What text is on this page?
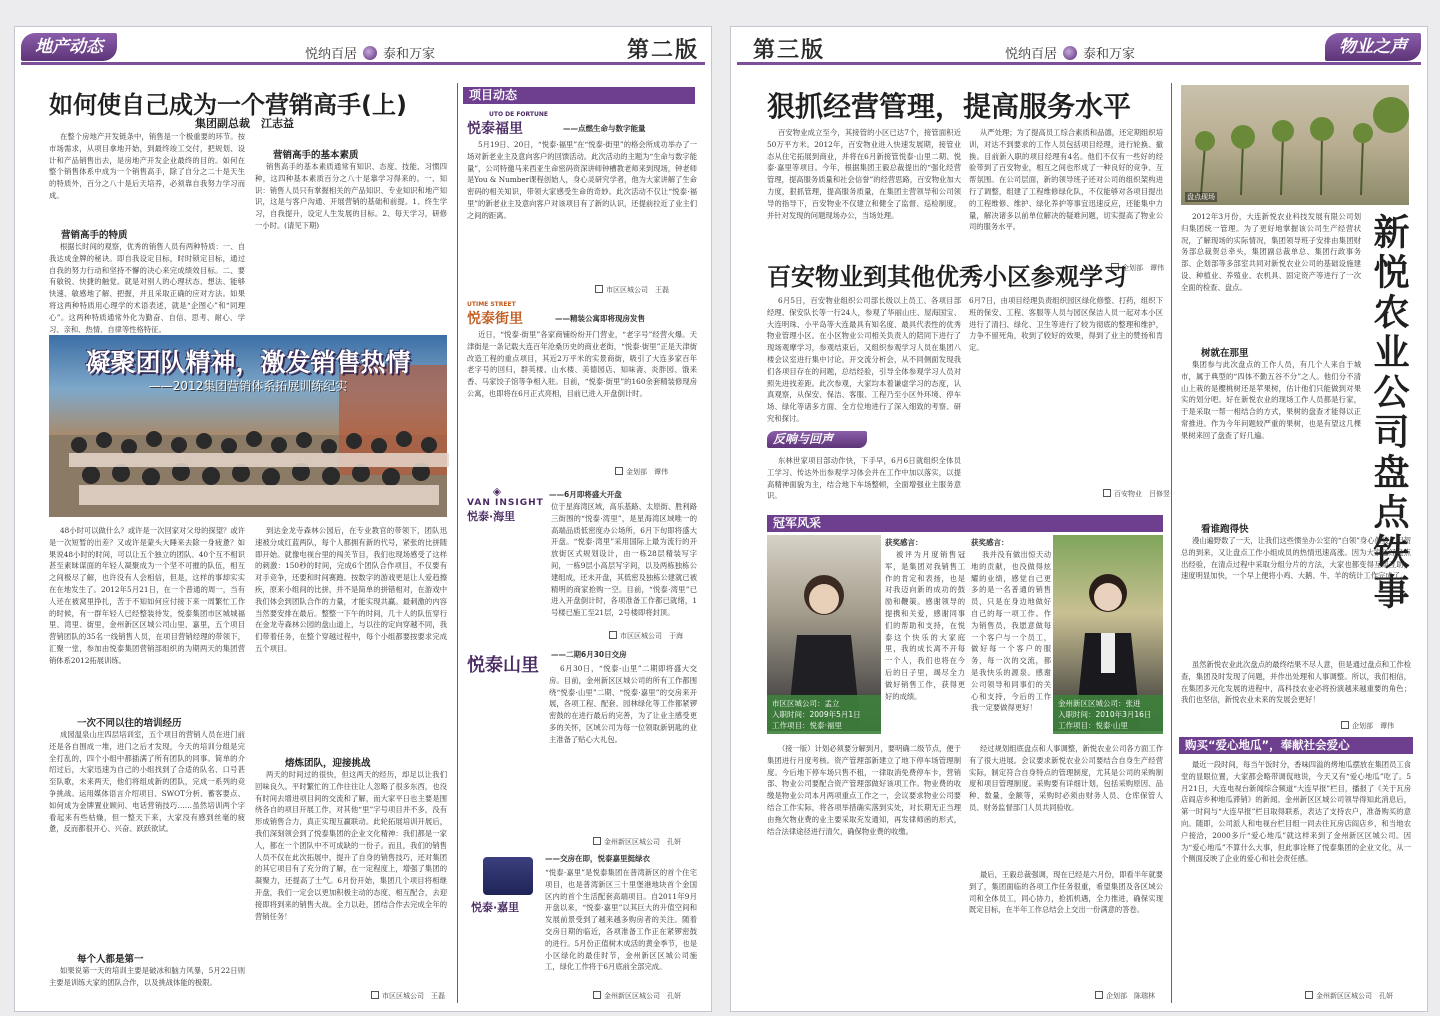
地产动态	悦纳百居 泰和万家	第二版
如何使自己成为一个营销高手(上)
集团副总裁　江志益
在整个房地产开发链条中，销售是一个极重要的环节。按市场需求，从项目拿地开始，到最终竣工交付，把规划、设计和产品销售出去，是房地产开发企业最终的目的。如何在整个销售体系中成为一个销售高手，除了自分之二十是天生的特质外，百分之八十是后天培养，必须靠自我努力学习而成。
营销高手的特质
根据长时间的观察，优秀的销售人员有两种特质：一、自我达成金牌的秘诀。即自我设定目标，时时锁定目标，通过自我的努力行动和坚持不懈的决心来完成绩效目标。二、要有敏锐、快捷的触觉。就是对别人的心理状态、想法、能够快速、敏感地了解、把握，并且采取正确的应对方法。如果将这两种特质用心理学的术语表述，就是“企图心”和“同理心”。这两种特质通常外化为勤奋、自信、思考、耐心、学习、亲和、热情、自律等性格特征。
营销高手的基本素质
销售高手的基本素质通常有知识、态度、技能、习惯四种，这四种基本素质百分之八十是靠学习得来的。一、知识：销售人员只有掌握相关的产品知识、专业知识和地产知识，这是与客户沟通、开展营销的基础和前提。1、终生学习，自我提升，设定人生发展的目标。2、每天学习，研修一小时。(请见下期)
凝聚团队精神，激发销售热情
——2012集团营销体系拓展训练纪实
48小时可以做什么？或许是一次回家对父母的探望？或许是一次短暂的出差？又或许是蒙头大睡来去除一身疲惫？如果说48小时的时间，可以让五个独立的团队、40个互不相识甚至素昧谋面的年轻人凝聚成为一个坚不可摧的队伍，相互之间极尽了解，也许没有人会相信，但是，这样的事却实实在在地发生了。2012年5月21日，在一个普通的周一，当有人还在被窝里挣扎，苦于不知如何应付接下来一周繁忙工作的时候，有一群年轻人已经整装待发，悦泰集团市区城城福里、湾里、街里，金州新区区城公司山里、嘉里，五个项目营销团队的35名一线销售人员，在项目营销经理的带领下，汇聚一堂，参加由悦泰集团营销部组织的为期两天的集团营销体系2012拓展训练。
一次不同以往的培训经历
成园温泉山庄四层培训室，五个项目的营销人员在进门前还是各自围成一堆，进门之后才发现，今天的培训分组是完全打乱的，四个小组中都插满了所有团队的同事。简单的介绍过后，大家迅速为自己的小组找到了合适的队名、口号甚至队歌，未来两天，他们将组成新的团队，完成一系列的竞争挑战。运用媒体语言介绍项目、SWOT分析、蓄客要点、如何成为金牌置业顾问、电话营销技巧……虽然培训两个字看起来有些枯燥，但一整天下来，大家没有感到丝毫的疲惫，反而都很开心、兴奋、跃跃欲试。
每个人都是第一
如果说第一天的培训主要是破冰和脑力风暴，5月22日则主要是训练大家的团队合作，以及挑战体能的极限。
到达金龙寺森林公园后，在专业教官的带领下，团队迅速被分成红蓝两队，每个人都拥有新的代号，紧张的比拼随即开始。就像电视台里的闯关节目，我们也现场感受了这样的刺激：150秒的时间，完成6个团队合作项目，不仅要有对手竞争，还要和时间赛跑。按数字的游戏更是让人爱趋擦疾，原来小组间的比拼，并不是简单的拼错相对，在游戏中我们体会到团队合作的力量，才能实现共赢。最刺激的内容当然要安排在最后。整整一下午的时间，几十人的队伍穿行在金龙寺森林公园的盘山道上，与以往的定向穿越不同，我们带着任务，在整个穿越过程中，每个小组都要按要求完成五个项目。
熔炼团队，迎接挑战
两天的时间过的很快，但这两天的经历，却足以让我们回味良久。平时繁忙的工作往往让人忽略了很多东西，也没有时间去增进项目间的交流和了解，而大家平日也主要是围绕各自的项目开展工作，对其他“里”字号项目并不多，没有形成销售合力，真正实现互赢联动。此轮拓展培训开展后，我们深刻领会到了悦泰集团的企业文化精神：我们都是一家人，都在一个团队中不可成缺的一份子。而且，我们的销售人员不仅在此次拓展中，提升了自身的销售技巧，还对集团的其它项目有了充分的了解，在一定程度上，增强了集团的凝聚力，还提高了士气。6月份开始，集团几个项目将相继开盘，我们一定会以更加积极主动的态度、相互配合，去迎接即将到来的销售大战。全力以赴，团结合作去完成全年的营销任务！
市区区城公司　王磊
项目动态
UTO DE FORTUNE
悦泰福里	——点燃生命与数字能量
5月19日、20日，“悦泰·福里”在“悦泰·街里”的格会所成功举办了一场对新老业主及意向客户的回馈活动。此次活动的主题为“生命与数字能量”，公司特邀马来西亚生命密码资深讲师钟槽教老师来到现场，钟老师是You & Number课程创始人，身心灵研究学者，他为大家讲解了生命密码的相关知识，带领大家感受生命的奇妙。此次活动不仅让“悦泰·福里”的新老业主及意向客户对该项目有了新的认识，还提前拉近了业主们之间的距离。
市区区城公司　王磊
UTIME STREET
悦泰街里	——精装公寓即将现房发售
近日，“悦泰·街里”各家商铺纷纷开门营业，“老字号”经营火爆。天津街是一条记载大连百年沧桑历史的商业老街，“悦泰·街里”正是天津街改造工程的重点项目，其近2万平米的实景商街，吸引了大连多家百年老字号的回归，群英楼、山水楼、美德园店、知味斋、炎胖园、饿来香、马家饺子馆等争相入驻。目前，“悦泰·街里”的160余套精装修现房公寓，也即将在6月正式亮相，目前已进入开盘倒计时。
金划部　谭伟
◈
VAN INSIGHT
悦泰·海里
——6月即将盛大开盘
位于星海湾区域，高乐基路、太原街、胜利路三街围的“悦泰·湾里”，是星海湾区域唯一的高端品质低密度办公场所，6月下旬即将盛大开盘。“悦泰·湾里”采用国际上最为流行的开放街区式规划设计，由一栋28层精装写字间，一栋9层小高层写字间，以及两栋独栋公建组成，还未开盘，其低密及独栋公建就已被精明的商家抢购一空。目前，“悦泰·湾里”已进入开盘倒计时，各项准备工作都已就绪，1号楼已施工至21层，2号楼即将封顶。
市区区城公司　于海
悦泰山里
——二期6月30日交房
6月30日，“悦泰·山里”二期即将盛大交房。目前，金州新区区城公司的所有工作都围绕“悦泰·山里”二期、“悦泰·嘉里”的交房来开展，各项工程、配套、园林绿化等工作都紧锣密鼓的在进行最后的完善，为了让业主感受更多的关怀，区域公司为每一位领取新钥匙的业主准备了贴心大礼包。
金州新区区城公司　孔妍
悦泰·嘉里
——交房在即，悦泰嘉里挺绿衣
“悦泰·嘉里”是悦泰集团在普湾新区的首个住宅项目，也是普湾新区三十里堡港地块首个金国区内的首个生活配套高端项目。自2011年9月开盘以来，“悦泰·嘉里”以其巨大的升值空间和发展前景受到了越来越多购房者的关注。随着交房日期的临近，各项准备工作正在紧锣密鼓的进行。5月份正值树木成活的黄金季节，也是小区绿化的最佳时节，金州新区区城公司施工，绿化工作将于6月底前全部完成。
金州新区区城公司　孔妍
第三版	悦纳百居 泰和万家	物业之声
狠抓经营管理，提高服务水平
百安物业成立至今，其接管的小区已达7个，接管面积近50万平方米。2012年，百安物业进入快速发展期，接管业态从住宅拓展到商业，并将在6月新接管悦泰·山里二期、悦泰·嘉里等项目。今年，根据集团王毅总裁提出的“强化经营管理，提高服务质量和社会信誉”的经营思路，百安物业加大力度，狠抓管理，提高服务质量，在集团主营领导和公司领导的指导下，百安物业不仅建立和健全了监督、巡检制度，并针对发现的问题现场办公，当场处理。
从严处理；为了提高员工综合素质和品德，还定期组织培训，对达不到要求的工作人员包括项目经理，进行轮换、撤换。目前新入职的项目经理有4名。他们不仅有一些好的经验带到了百安物业，相互之间也形成了一种良好的竞争、互帮氛围。在公司层面，新的领导班子还对公司的组织架构进行了调整，组建了工程维修绿化队，不仅能够对各项目提出的工程维修、维护、绿化养护等事宜迅速反应，还能集中力量，解决诸多以前单位解决的疑难问题，切实提高了物业公司的服务水平。
企划部　谭伟
百安物业到其他优秀小区参观学习
6月5日，百安物业组织公司部长级以上员工、各项目部经理、保安队长等一行24人，参观了华丽山庄、屋海国宝、大连明珠、小平岛等大连最具有知名度、最具代表性的优秀物业管理小区。在小区物业公司相关负责人的陪同下进行了现场观摩学习，参观结束后，又组织参观学习人员在集团八楼会议室进行集中讨论。开交流分析会，从不同侧面发现我们各项目存在的问题，总结经验，引导全体参观学习人员对照先进找差距。此次参观，大家均本着谦虚学习的态度，认真观察，从保安、保洁、客服、工程乃至小区外环境、停车场、绿化等诸多方面、全方位地进行了深入细致的考察、研究和探讨。
6月7日，由项目经理负责组织园区绿化修整、打药，组织下班的保安、工程、客服等人员与园区保洁人员一起对本小区进行了清扫、绿化、卫生等进行了较为彻底的整理和维护，力争不留死角，收到了较好的效果，得到了业主的赞扬和肯定。
百安物业　吕修竖
反响与回声
东林世家项目部动作快，下手早，6月6日就组织全体员工学习、传达外出参观学习体会并在工作中加以落实，以提高精神面貌为主，结合地下车场整顿，全面增强业主服务意识。
冠军风采
市区区城公司：孟立
入职时间：2009年5月1日
工作项目：悦泰·福里
获奖感言：
被评为月度销售冠军，是集团对我销售工作的肯定和表扬，也是对我迈向新的成功的鼓励和鞭策。感谢领导的提携和关爱，感谢同事们的帮助和支持，在悦泰这个快乐的大家庭里，我的成长离不开每一个人，我们也将在今后的日子里，竭尽全力做好销售工作，获得更好的成绩。
获奖感言：
我并没有做出惊天动地的贡献，也没做得炫耀的业绩，感觉自己更多的是一名普通的销售员，只是在身边地做好自己的每一项工作。作为销售员，我愿意做每一个客户与一个员工，做好每一个客户的服务，每一次的交流，都是我快乐的源泉。感谢公司领导和同事们的关心和支持，今后的工作我一定要做得更好！	金州新区区城公司：张进
入职时间：2010年3月16日
工作项目：悦泰·山里
（接一版）计划必须要分解到月，要明确二级节点，便于集团进行月度考核。资产管理部新建立了地下停车场管理制度。今后地下停车场只售不租，一律取消免费停车卡，营销部、物业公司要配合资产管理部做好该项工作。物业费的收缴是物业公司本月两项重点工作之一，会议要求物业公司要结合工作实际，将各项举措确实落到实处，对长期无正当理由拖欠物业费的业主要采取充发通知，再发律师函的形式，结合法律途径进行清欠，确保物业费的收缴。
经过规划组底盘点和人事调整，新悦农业公司各方面工作有了很大进展。会议要求新悦农业公司要结合自身生产经营实际，制定符合自身特点的管理制度，尤其是公司的采购制度和项目管理制度。采购要有详细计划，包括采购原因、品种、数量、金额等，采购时必须由财务人员、仓库保管人员、财务监督部门人员共同验收。
最后，王毅总裁强调，现在已经是六月份，即看半年就要到了，集团面临的各项工作任务很重，希望集团及各区域公司和全体员工，同心协力，抢抓机遇，全力推进，确保实现既定目标，在半年工作总结会上交出一份满意的答卷。
企划部　陈瑞林
盘点现场
2012年3月份，大连新悦农业科技发展有限公司划归集团统一管理。为了更好地掌握该公司生产经营状况，了解现场的实际情况，集团领导班子安排由集团财务部总裁贺总牵头，集团副总裁单总、集团行政事务部、企划部等多部室共同对新悦农业公司的基础设施建设、种植业、养殖业、农机具、固定资产等进行了一次全面的检查、盘点。	新悦农业公司盘点铁事
树就在那里
集团参与此次盘点的工作人员，有几个人来自于城市，属于典型的“四体不勤五谷不分”之人。他们分不清山上栽的是樱桃树还是苹果树，估计他们只能做到对果实的划分吧。好在新悦农业的现场工作人员都是行家，于是采取一帮一相结合的方式，果树的盘查才能得以正常推进。作为今年问题较严重的果树，也是有望这几棵果树来回了盘查了好几遍。
看谁跑得快
漫山遍野数了一天，让我们这些惯坐办公室的“白领”身心俱疲，但贺总的到来，又让盘点工作小组成员的热情迅速高涨。因为大家已经盘点出经验，在清点过程中采取分组分片的方法，大家也都变得互帮互助，速度明显加快，一个早上便将小鸡、大鹅、牛、羊的统计工作完成了。
虽然新悦农业此次盘点的最终结果不尽人意，但是通过盘点和工作检查，集团及时发现了问题，并作出处理和人事调整。所以，我们相信，在集团多元化发展的进程中，高科技农业必将扮演越来越重要的角色；我们也坚信，新悦农业未来的发展会更好！
企划部　谭伟
购买“爱心地瓜”，奉献社会爱心
最近一段时间，每当午饭时分，香味四溢的烤地瓜摆放在集团员工食堂的显眼位置，大家都会略带调侃地说，今天又有“爱心地瓜”吃了。5月21日，大连电视台新闻综合频道“大连早报”栏目，播报了《关于瓦房店阎店乡种地瓜滞销》的新闻。金州新区区城公司领导得知此消息后，第一时间与“大连早报”栏目取得联系，表达了支持农户，准备购买的意向。随即，公司派人和电视台栏目组一同去往瓦房店阎店乡，和当地农户接洽，2000多斤“爱心地瓜”就这样来到了金州新区区城公司。因为“爱心地瓜”不算什么大事，但此事诠释了悦泰集团的企业文化，从一个侧面反映了企业的爱心和社会责任感。
金州新区区城公司　孔妍
